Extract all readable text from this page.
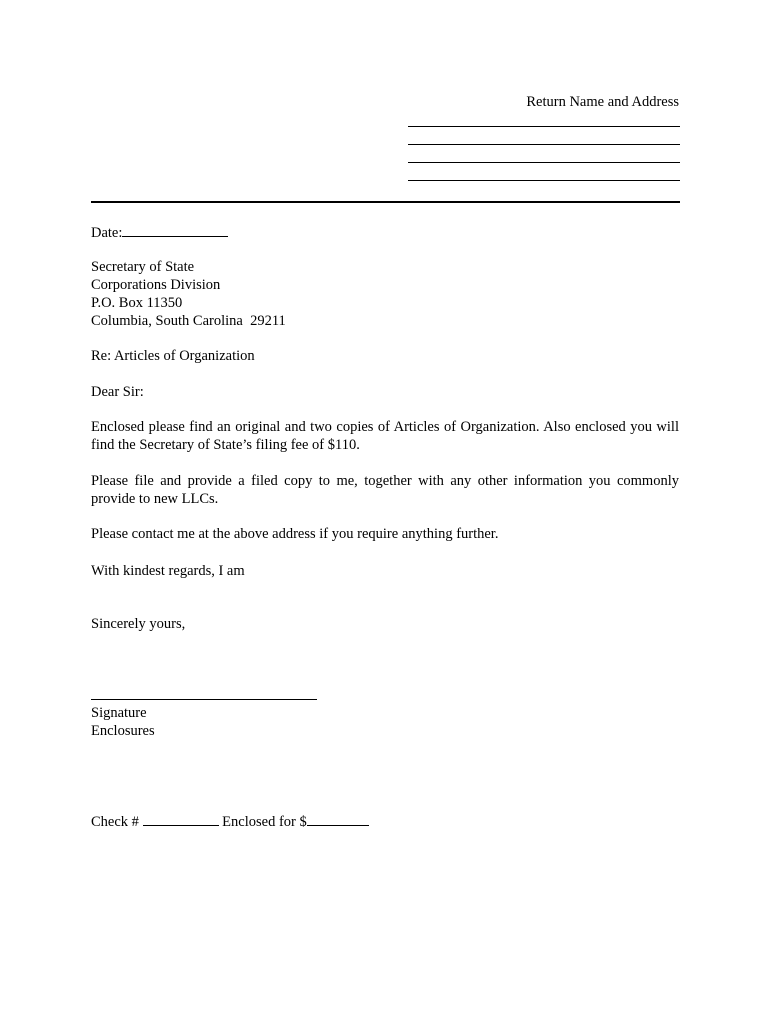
Return Name and Address
Date:
Secretary of State
Corporations Division
P.O. Box 11350
Columbia, South Carolina  29211
Re: Articles of Organization
Dear Sir:
Enclosed please find an original and two copies of Articles of Organization. Also enclosed you will find the Secretary of State’s filing fee of $110.
Please file and provide a filed copy to me, together with any other information you commonly provide to new LLCs.
Please contact me at the above address if you require anything further.
With kindest regards, I am
Sincerely yours,
Signature
Enclosures
Check #	Enclosed for $
